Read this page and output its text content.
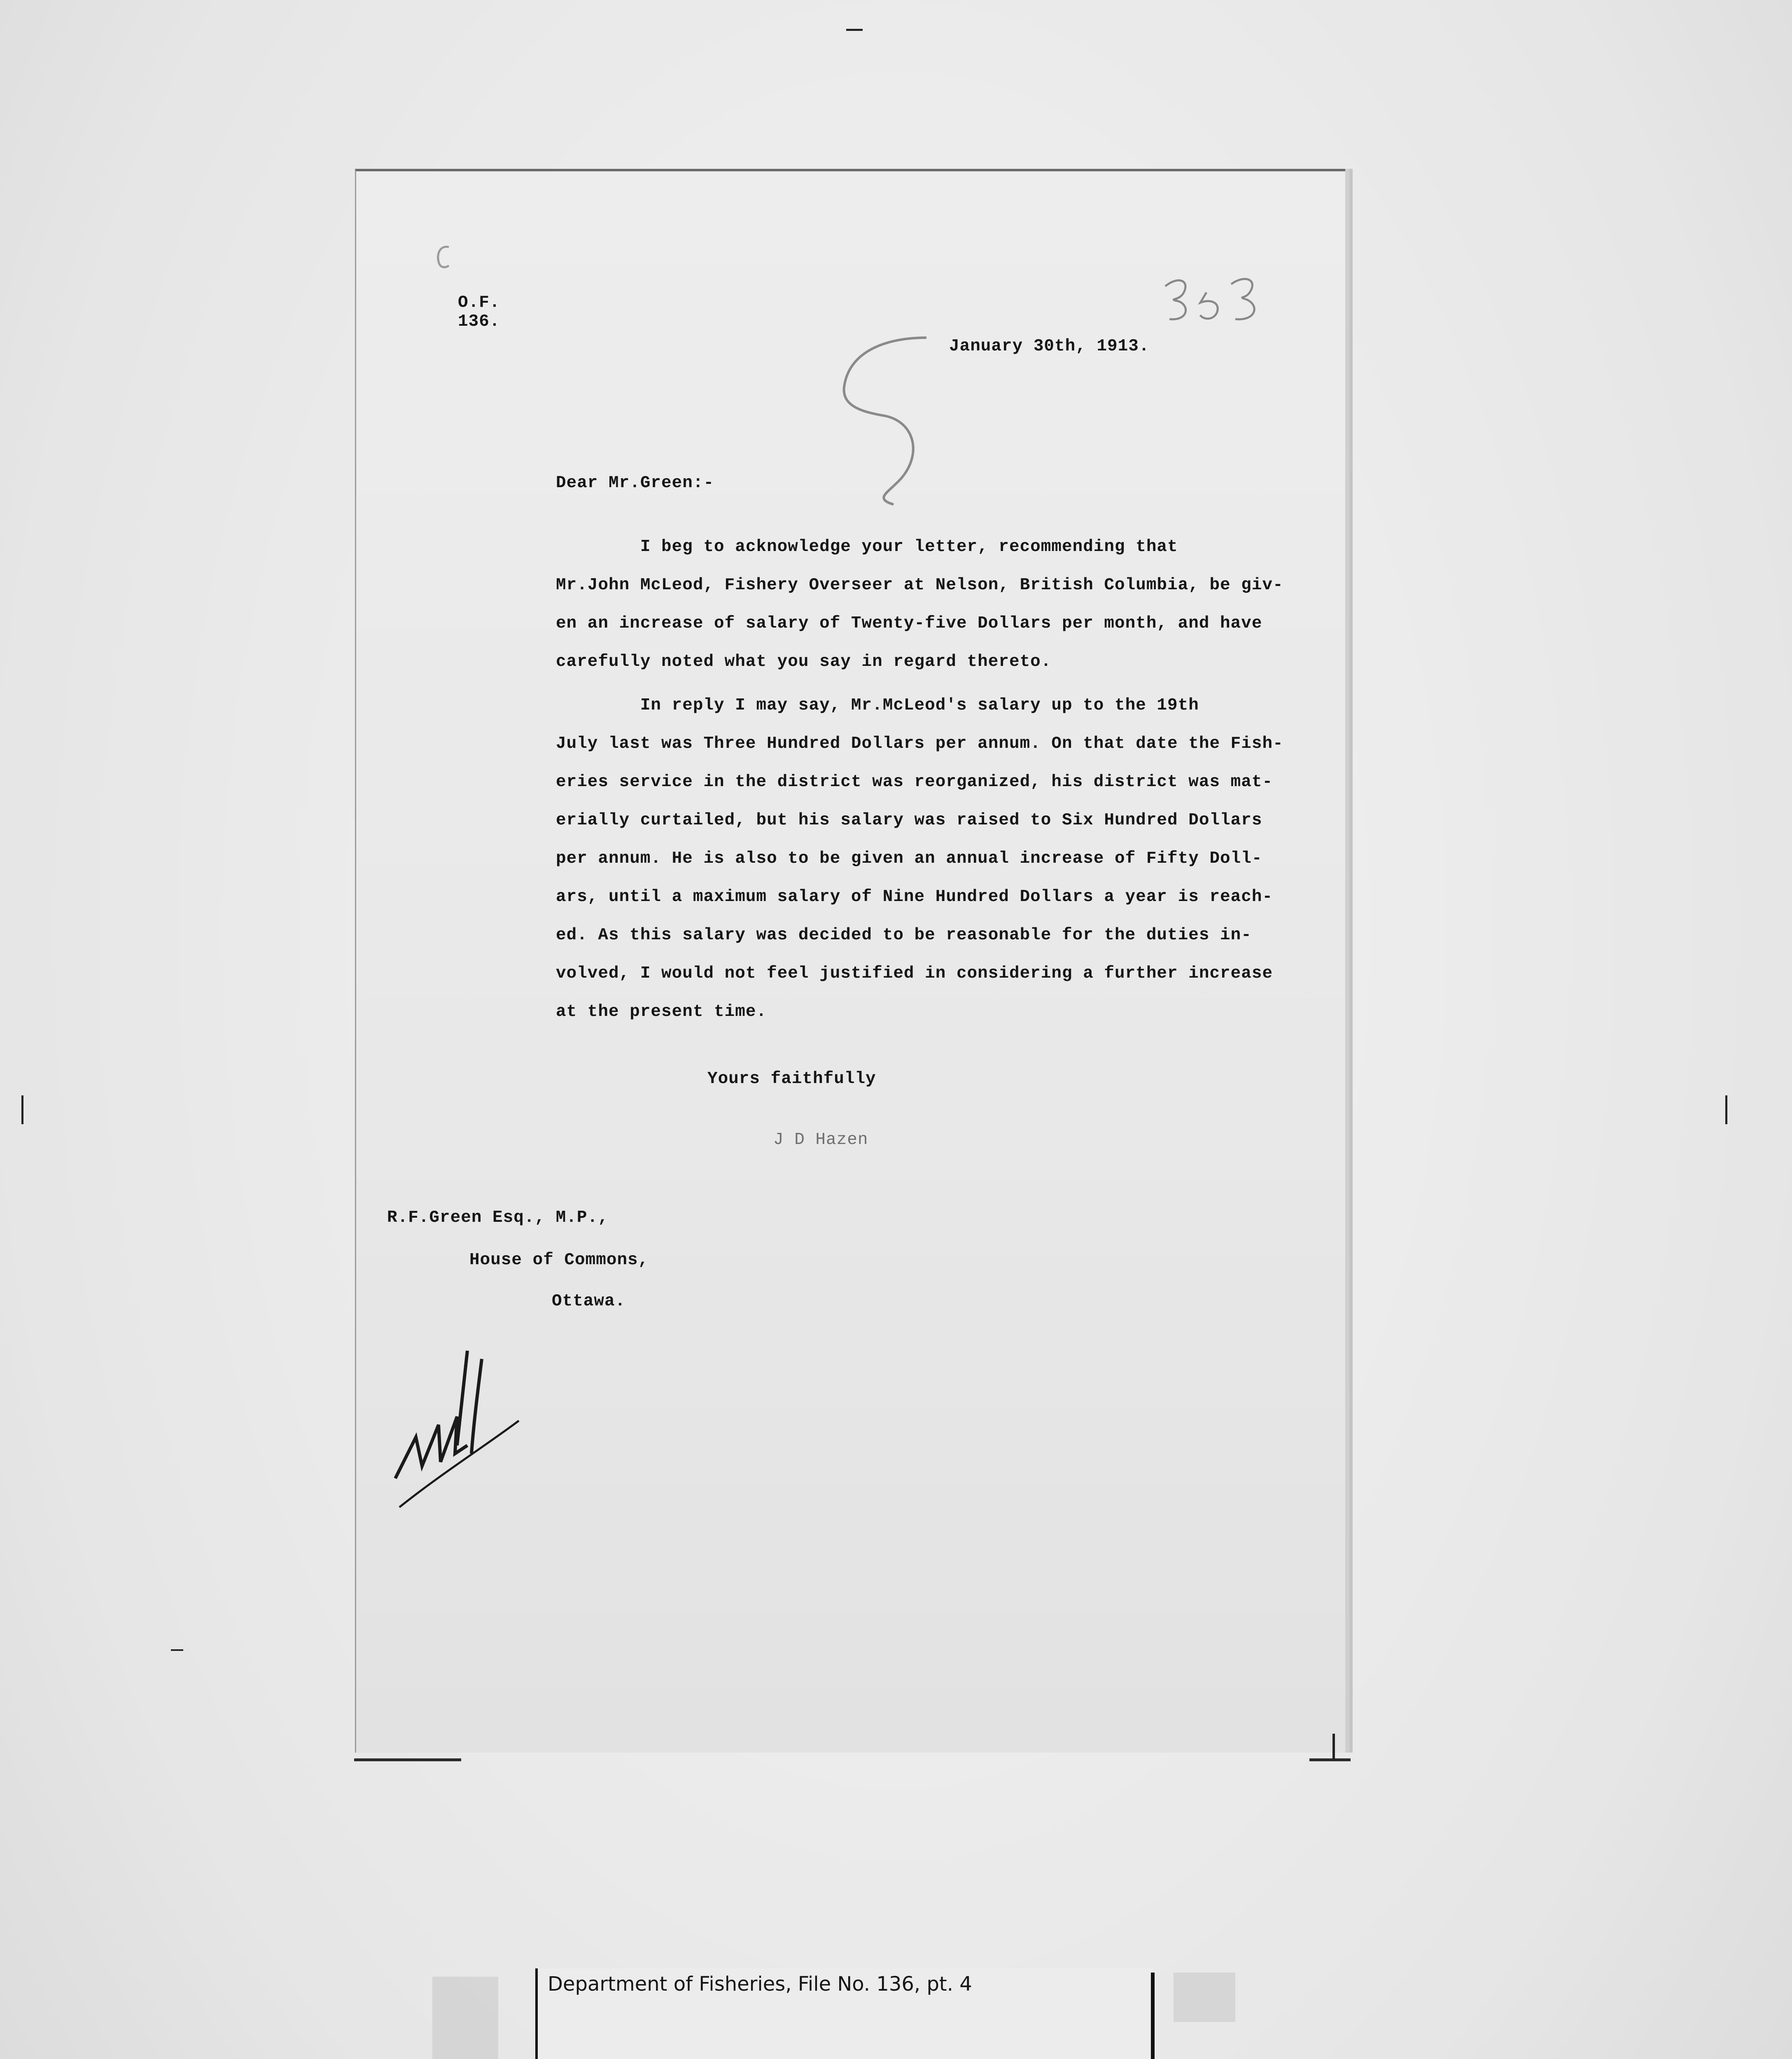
O.F.
136.
January 30th, 1913.
Dear Mr.Green:-
I beg to acknowledge your letter, recommending that
Mr.John McLeod, Fishery Overseer at Nelson, British Columbia, be giv-
en an increase of salary of Twenty-five Dollars per month, and have
carefully noted what you say in regard thereto.
In reply I may say, Mr.McLeod's salary up to the 19th
July last was Three Hundred Dollars per annum. On that date the Fish-
eries service in the district was reorganized, his district was mat-
erially curtailed, but his salary was raised to Six Hundred Dollars
per annum. He is also to be given an annual increase of Fifty Doll-
ars, until a maximum salary of Nine Hundred Dollars a year is reach-
ed. As this salary was decided to be reasonable for the duties in-
volved, I would not feel justified in considering a further increase
at the present time.
Yours faithfully
J D Hazen
R.F.Green Esq., M.P.,
House of Commons,
Ottawa.
Department of Fisheries, File No. 136, pt. 4
